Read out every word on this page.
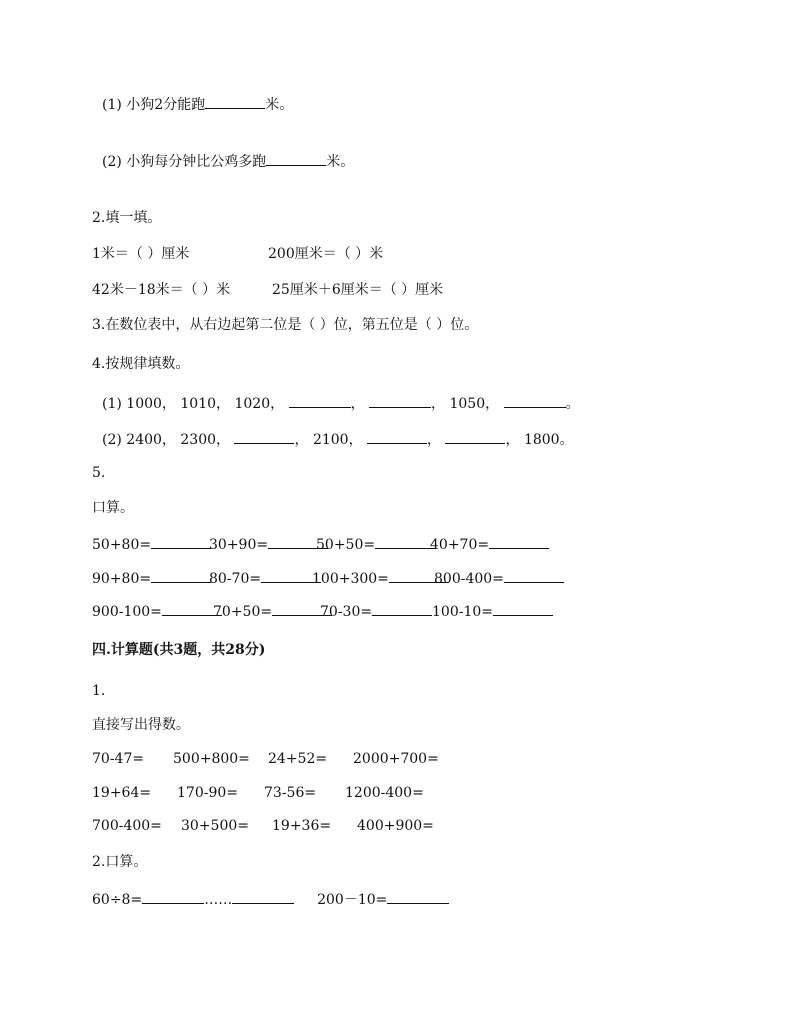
(1) 小狗2分能跑	米。
(2) 小狗每分钟比公鸡多跑	米。
2.填一填。
1米＝（ ）厘米	200厘米＝（ ）米
42米－18米＝（ ）米	25厘米＋6厘米＝（ ）厘米
3.在数位表中，从右边起第二位是（ ）位，第五位是（ ）位。
4.按规律填数。
(1) 1000， 1010， 1020，	，	， 1050，	。
(2) 2400， 2300，	， 2100，	，	， 1800。
5.
口算。
50+80=	30+90=	50+50=	40+70=
90+80=	80-70=	100+300=	800-400=
900-100=	70+50=	70-30=	100-10=
四.计算题(共3题，共28分)
1.
直接写出得数。
70-47= 500+800= 24+52= 2000+700=
19+64= 170-90= 73-56= 1200-400=
700-400= 30+500= 19+36= 400+900=
2.口算。
60÷8=	……	200－10=
